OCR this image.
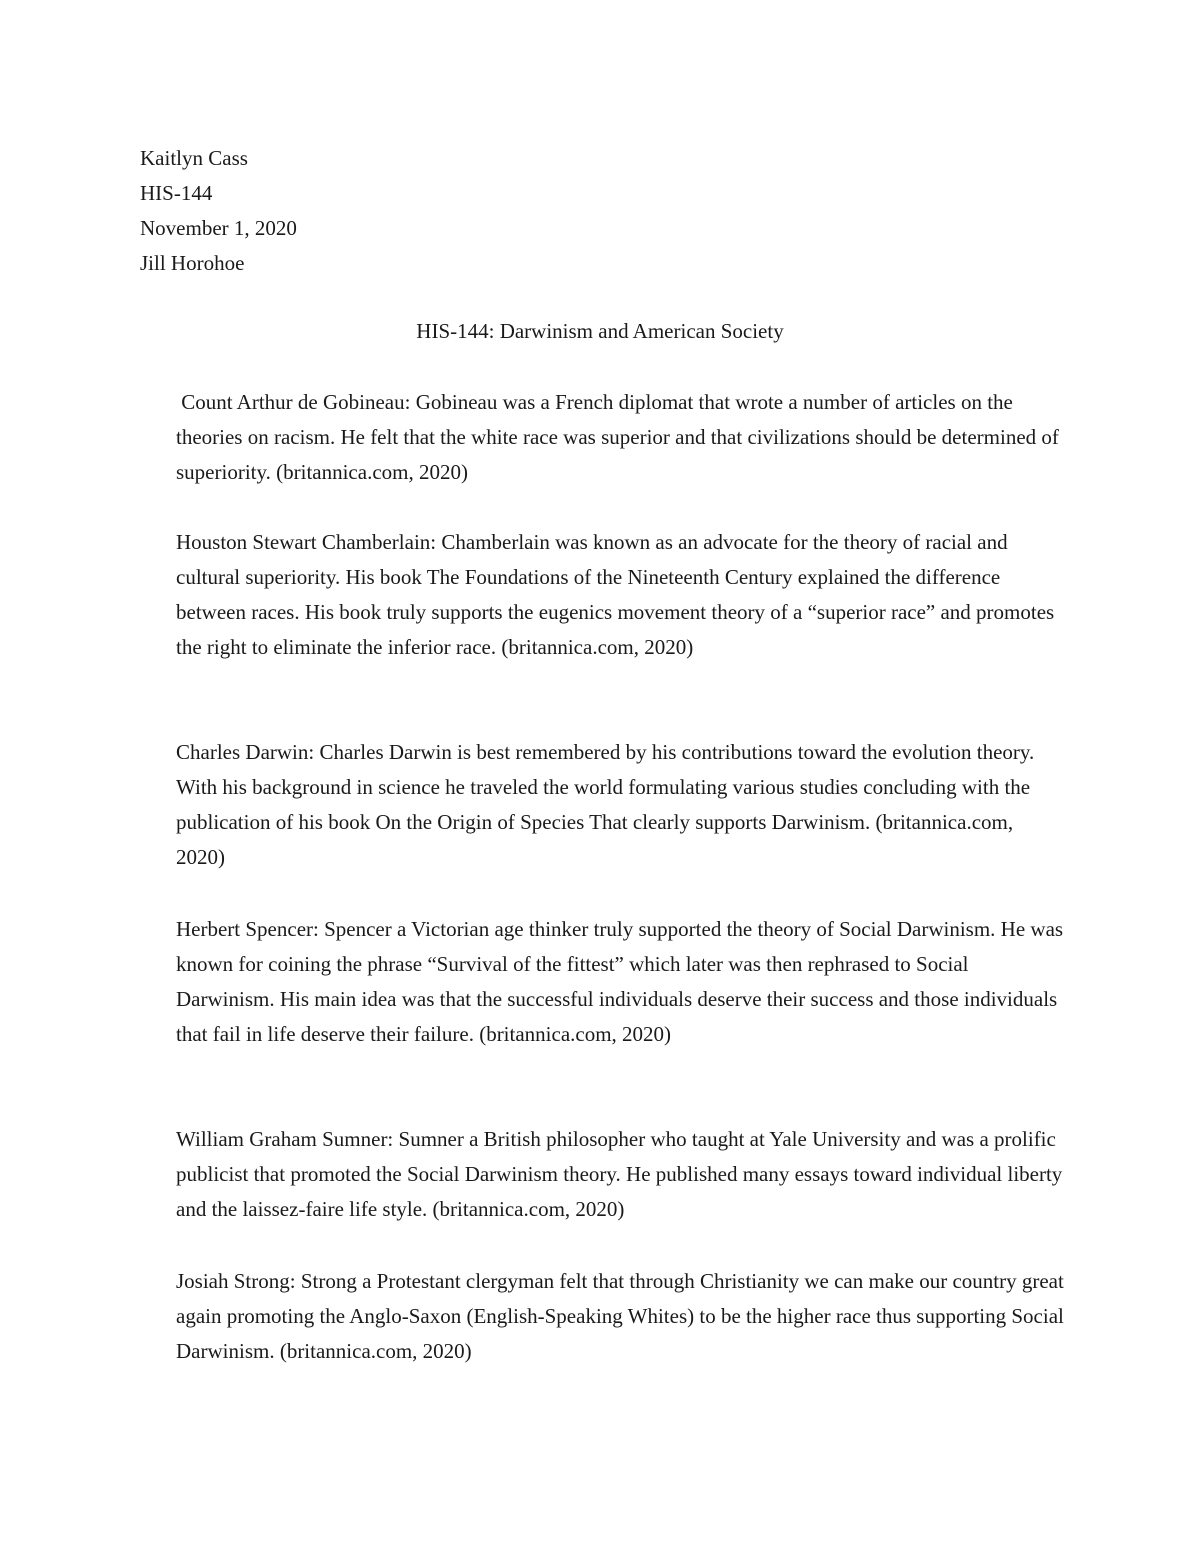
Kaitlyn Cass
HIS-144
November 1, 2020
Jill Horohoe
HIS-144: Darwinism and American Society

Count Arthur de Gobineau: Gobineau was a French diplomat that wrote a number of articles on the theories on racism. He felt that the white race was superior and that civilizations should be determined of superiority. (britannica.com, 2020)

Houston Stewart Chamberlain: Chamberlain was known as an advocate for the theory of racial and cultural superiority. His book The Foundations of the Nineteenth Century explained the difference between races. His book truly supports the eugenics movement theory of a “superior race” and promotes the right to eliminate the inferior race. (britannica.com, 2020)

Charles Darwin: Charles Darwin is best remembered by his contributions toward the evolution theory. With his background in science he traveled the world formulating various studies concluding with the publication of his book On the Origin of Species That clearly supports Darwinism. (britannica.com, 2020)

Herbert Spencer: Spencer a Victorian age thinker truly supported the theory of Social Darwinism. He was known for coining the phrase “Survival of the fittest” which later was then rephrased to Social Darwinism. His main idea was that the successful individuals deserve their success and those individuals that fail in life deserve their failure. (britannica.com, 2020)

William Graham Sumner: Sumner a British philosopher who taught at Yale University and was a prolific publicist that promoted the Social Darwinism theory. He published many essays toward individual liberty and the laissez-faire life style. (britannica.com, 2020)

Josiah Strong: Strong a Protestant clergyman felt that through Christianity we can make our country great again promoting the Anglo-Saxon (English-Speaking Whites) to be the higher race thus supporting Social Darwinism. (britannica.com, 2020)
